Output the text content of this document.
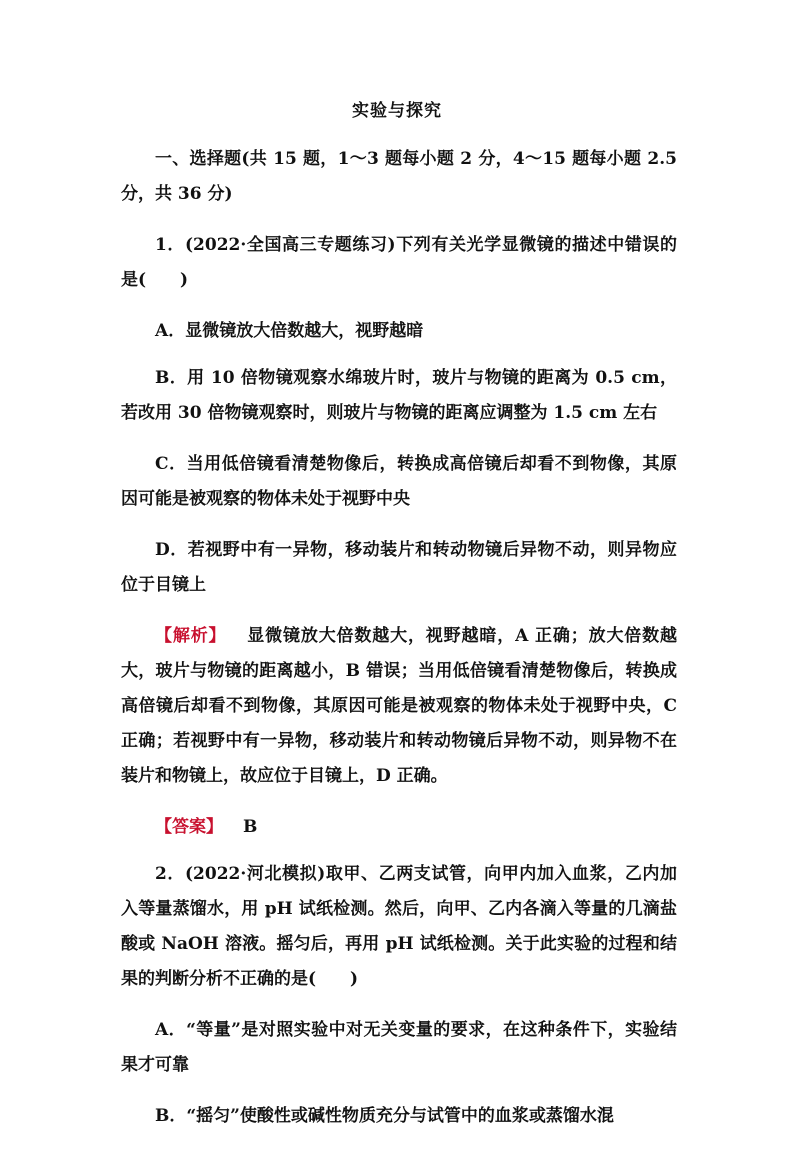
实验与探究

一、选择题(共 15 题，1～3 题每小题 2 分，4～15 题每小题 2.5 分，共 36 分)

1．(2022·全国高三专题练习)下列有关光学显微镜的描述中错误的是(　　)

A．显微镜放大倍数越大，视野越暗

B．用 10 倍物镜观察水绵玻片时，玻片与物镜的距离为 0.5 cm，若改用 30 倍物镜观察时，则玻片与物镜的距离应调整为 1.5 cm 左右

C．当用低倍镜看清楚物像后，转换成高倍镜后却看不到物像，其原因可能是被观察的物体未处于视野中央

D．若视野中有一异物，移动装片和转动物镜后异物不动，则异物应位于目镜上

【解析】 显微镜放大倍数越大，视野越暗，A 正确；放大倍数越大，玻片与物镜的距离越小，B 错误；当用低倍镜看清楚物像后，转换成高倍镜后却看不到物像，其原因可能是被观察的物体未处于视野中央，C 正确；若视野中有一异物，移动装片和转动物镜后异物不动，则异物不在装片和物镜上，故应位于目镜上，D 正确。

【答案】 B

2．(2022·河北模拟)取甲、乙两支试管，向甲内加入血浆，乙内加入等量蒸馏水，用 pH 试纸检测。然后，向甲、乙内各滴入等量的几滴盐酸或 NaOH 溶液。摇匀后，再用 pH 试纸检测。关于此实验的过程和结果的判断分析不正确的是(　　)

A．“等量”是对照实验中对无关变量的要求，在这种条件下，实验结果才可靠

B．“摇匀”使酸性或碱性物质充分与试管中的血浆或蒸馏水混
